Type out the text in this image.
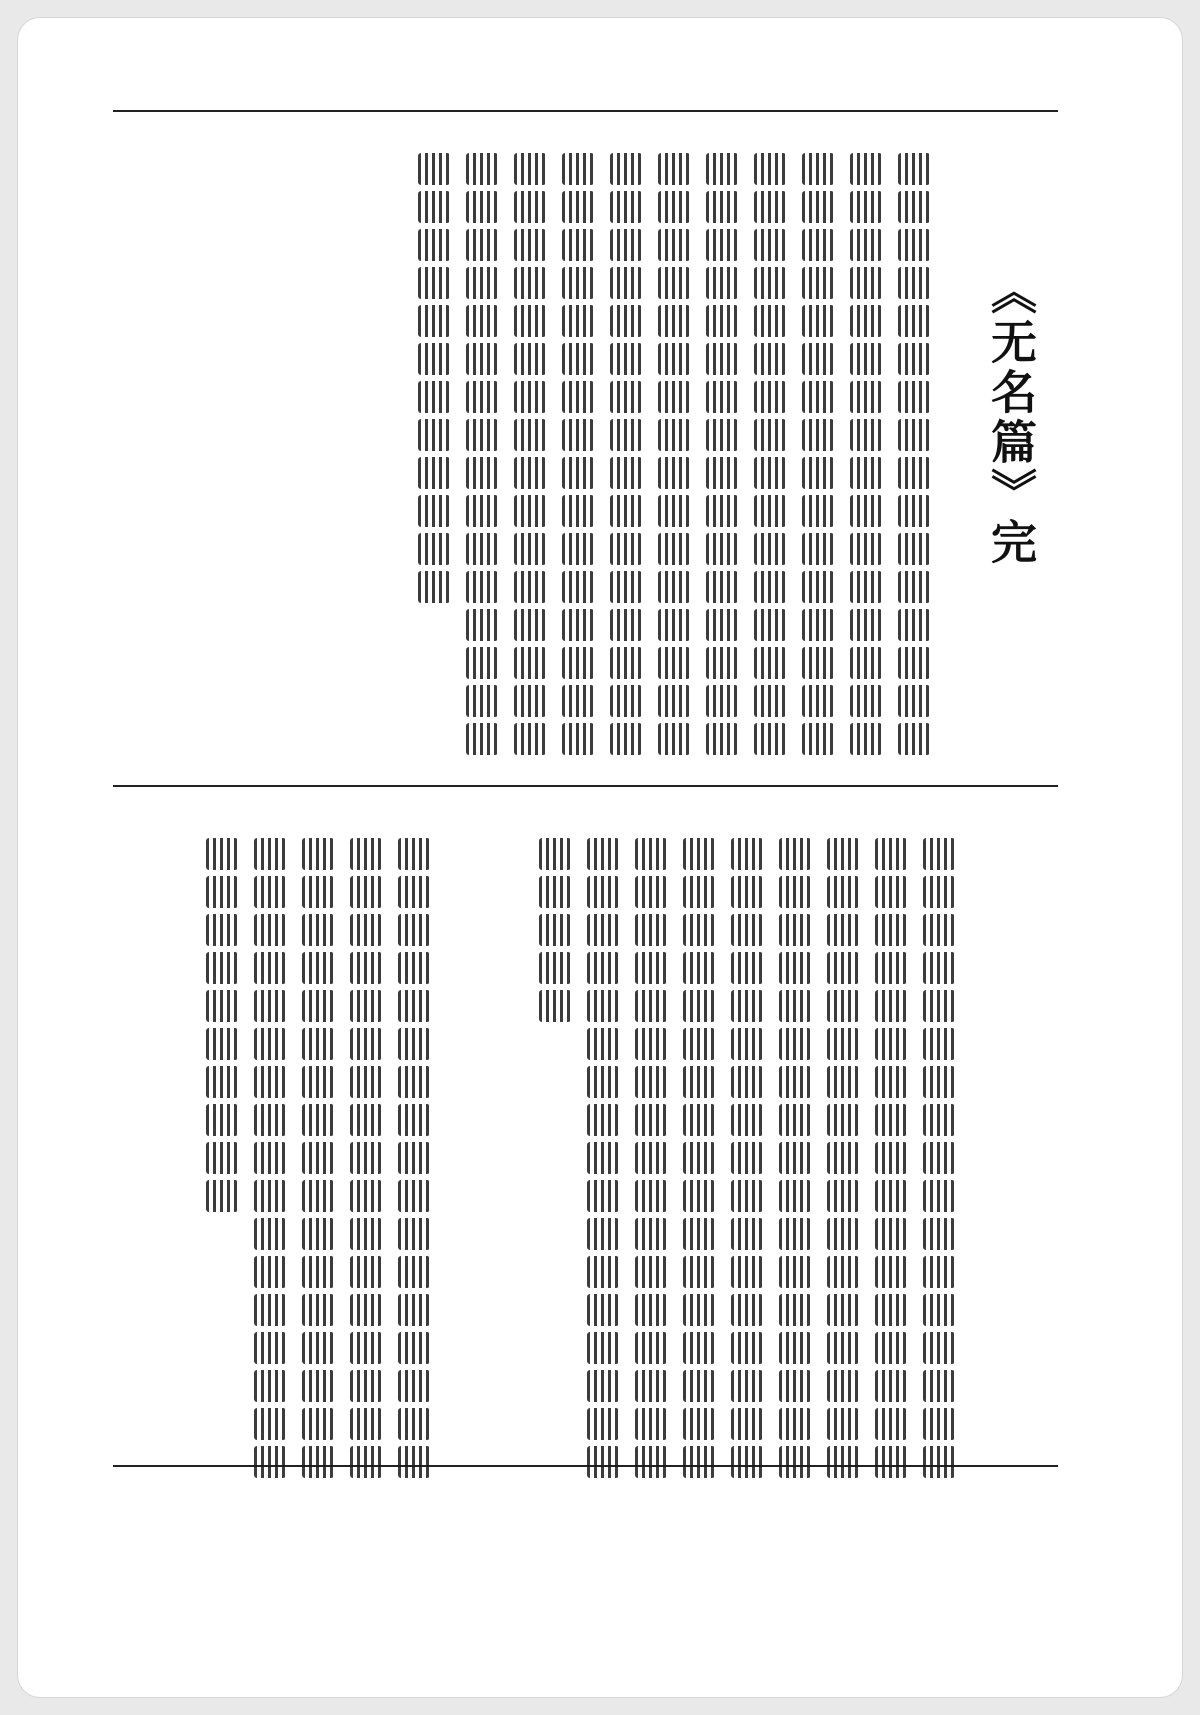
《无名篇》完
